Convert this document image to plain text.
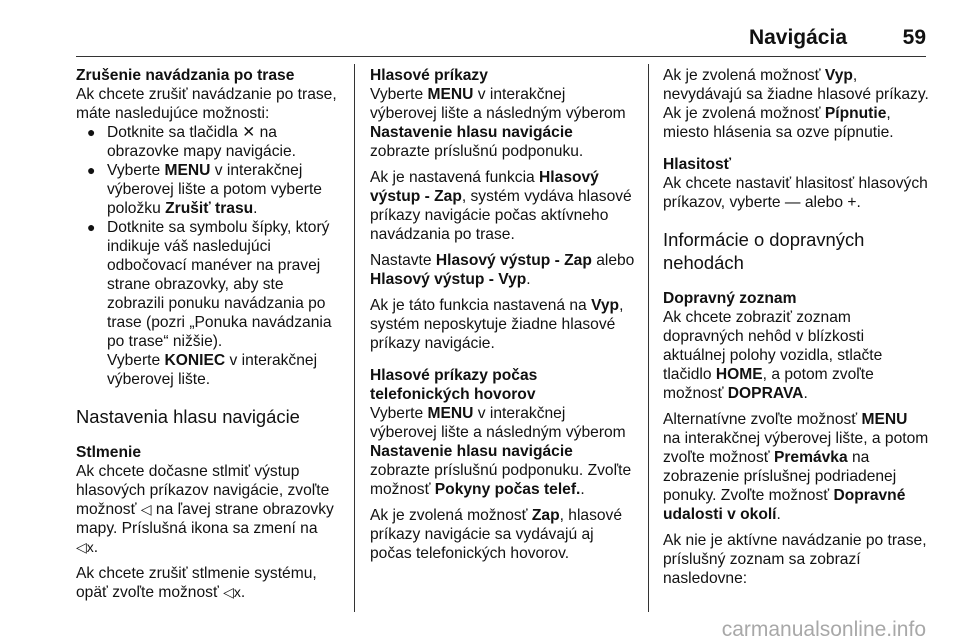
Navigácia	59

Zrušenie navádzania po trase

Ak chcete zrušiť navádzanie po trase, máte nasledujúce možnosti:

● Dotknite sa tlačidla ✕ na obrazovke mapy navigácie.
● Vyberte MENU v interakčnej výberovej lište a potom vyberte položku Zrušiť trasu.
● Dotknite sa symbolu šípky, ktorý indikuje váš nasledujúci odbočovací manéver na pravej strane obrazovky, aby ste zobrazili ponuku navádzania po trase (pozri „Ponuka navádzania po trase“ nižšie).

Vyberte KONIEC v interakčnej výberovej lište.

Nastavenia hlasu navigácie

Stlmenie

Ak chcete dočasne stlmiť výstup hlasových príkazov navigácie, zvoľte možnosť ◁ na ľavej strane obrazovky mapy. Príslušná ikona sa zmení na ◁x.

Ak chcete zrušiť stlmenie systému, opäť zvoľte možnosť ◁x.

Hlasové príkazy

Vyberte MENU v interakčnej výberovej lište a následným výberom Nastavenie hlasu navigácie zobrazte príslušnú podponuku.

Ak je nastavená funkcia Hlasový výstup - Zap, systém vydáva hlasové príkazy navigácie počas aktívneho navádzania po trase.

Nastavte Hlasový výstup - Zap alebo Hlasový výstup - Vyp.

Ak je táto funkcia nastavená na Vyp, systém neposkytuje žiadne hlasové príkazy navigácie.

Hlasové príkazy počas telefonických hovorov

Vyberte MENU v interakčnej výberovej lište a následným výberom Nastavenie hlasu navigácie zobrazte príslušnú podponuku. Zvoľte možnosť Pokyny počas telef..

Ak je zvolená možnosť Zap, hlasové príkazy navigácie sa vydávajú aj počas telefonických hovorov.

Ak je zvolená možnosť Vyp, nevydávajú sa žiadne hlasové príkazy. Ak je zvolená možnosť Pípnutie, miesto hlásenia sa ozve pípnutie.

Hlasitosť

Ak chcete nastaviť hlasitosť hlasových príkazov, vyberte — alebo +.

Informácie o dopravných nehodách

Dopravný zoznam

Ak chcete zobraziť zoznam dopravných nehôd v blízkosti aktuálnej polohy vozidla, stlačte tlačidlo HOME, a potom zvoľte možnosť DOPRAVA.

Alternatívne zvoľte možnosť MENU na interakčnej výberovej lište, a potom zvoľte možnosť Premávka na zobrazenie príslušnej podriadenej ponuky. Zvoľte možnosť Dopravné udalosti v okolí.

Ak nie je aktívne navádzanie po trase, príslušný zoznam sa zobrazí nasledovne:

carmanualsonline.info
